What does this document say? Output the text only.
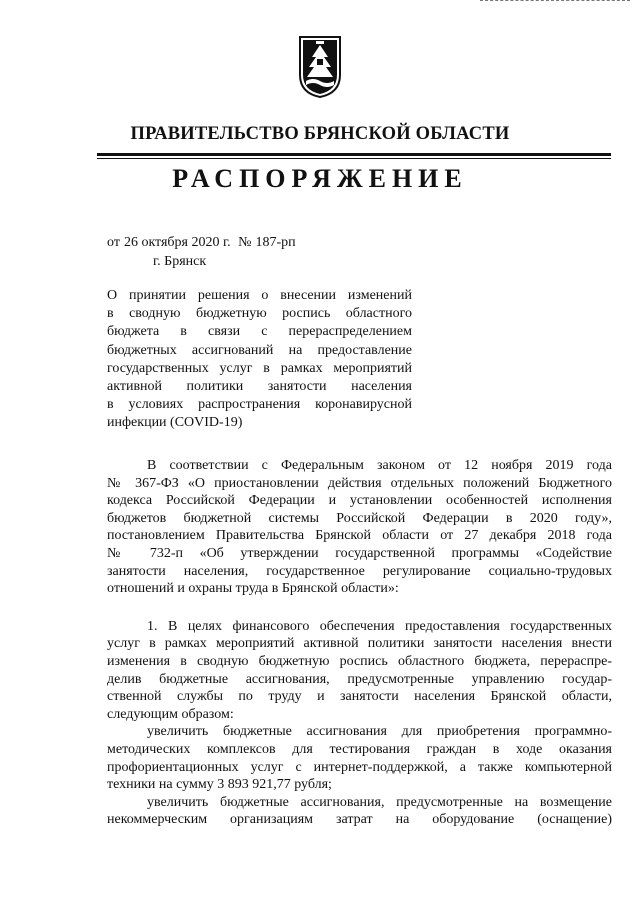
ПРАВИТЕЛЬСТВО БРЯНСКОЙ ОБЛАСТИ
РАСПОРЯЖЕНИЕ
от 26 октября 2020 г. № 187-рп
г. Брянск
О принятии решения о внесении изменений
в сводную бюджетную роспись областного
бюджета в связи с перераспределением
бюджетных ассигнований на предоставление
государственных услуг в рамках мероприятий
активной политики занятости населения
в условиях распространения коронавирусной
инфекции (COVID-19)
В соответствии с Федеральным законом от 12 ноября 2019 года
№ 367-ФЗ «О приостановлении действия отдельных положений Бюджетного
кодекса Российской Федерации и установлении особенностей исполнения
бюджетов бюджетной системы Российской Федерации в 2020 году»,
постановлением Правительства Брянской области от 27 декабря 2018 года
№ 732-п «Об утверждении государственной программы «Содействие
занятости населения, государственное регулирование социально-трудовых
отношений и охраны труда в Брянской области»:
1. В целях финансового обеспечения предоставления государственных
услуг в рамках мероприятий активной политики занятости населения внести
изменения в сводную бюджетную роспись областного бюджета, перераспре-
делив бюджетные ассигнования, предусмотренные управлению государ-
ственной службы по труду и занятости населения Брянской области,
следующим образом:
увеличить бюджетные ассигнования для приобретения программно-
методических комплексов для тестирования граждан в ходе оказания
профориентационных услуг с интернет-поддержкой, а также компьютерной
техники на сумму 3 893 921,77 рубля;
увеличить бюджетные ассигнования, предусмотренные на возмещение
некоммерческим организациям затрат на оборудование (оснащение)
